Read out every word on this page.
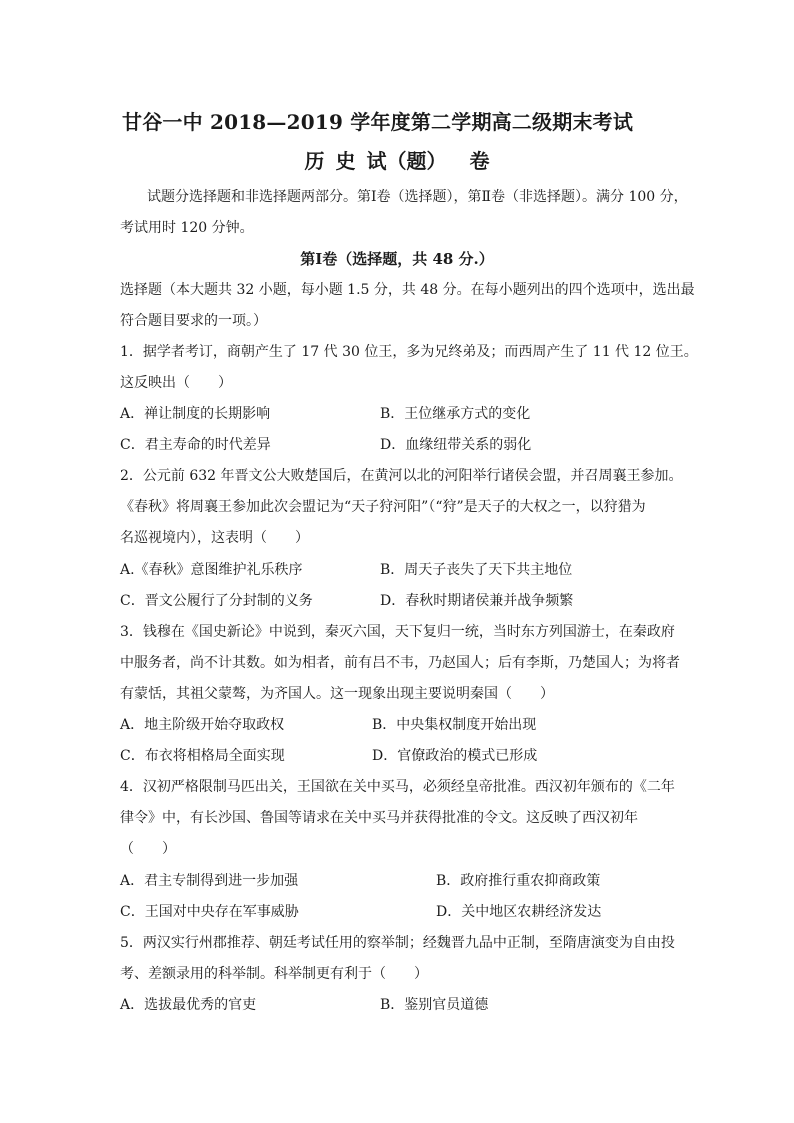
甘谷一中 2018—2019 学年度第二学期高二级期末考试
历 史 试（题） 卷
试题分选择题和非选择题两部分。第Ⅰ卷（选择题），第Ⅱ卷（非选择题）。满分 100 分，
考试用时 120 分钟。
第Ⅰ卷（选择题，共 48 分.）
选择题（本大题共 32 小题，每小题 1.5 分，共 48 分。在每小题列出的四个选项中，选出最
符合题目要求的一项。）
1．据学者考订，商朝产生了 17 代 30 位王，多为兄终弟及；而西周产生了 11 代 12 位王。
这反映出（　　）
A．禅让制度的长期影响	B．王位继承方式的变化
C．君主寿命的时代差异	D．血缘纽带关系的弱化
2．公元前 632 年晋文公大败楚国后，在黄河以北的河阳举行诸侯会盟，并召周襄王参加。
《春秋》将周襄王参加此次会盟记为“天子狩河阳”（“狩”是天子的大权之一，以狩猎为
名巡视境内），这表明（　　）
A.《春秋》意图维护礼乐秩序	B．周天子丧失了天下共主地位
C．晋文公履行了分封制的义务	D．春秋时期诸侯兼并战争频繁
3．钱穆在《国史新论》中说到，秦灭六国，天下复归一统，当时东方列国游士，在秦政府
中服务者，尚不计其数。如为相者，前有吕不韦，乃赵国人；后有李斯，乃楚国人；为将者
有蒙恬，其祖父蒙骜，为齐国人。这一现象出现主要说明秦国（　　）
A．地主阶级开始夺取政权	B．中央集权制度开始出现
C．布衣将相格局全面实现	D．官僚政治的模式已形成
4．汉初严格限制马匹出关，王国欲在关中买马，必须经皇帝批准。西汉初年颁布的《二年
律令》中，有长沙国、鲁国等请求在关中买马并获得批准的令文。这反映了西汉初年
（　　）
A．君主专制得到进一步加强	B．政府推行重农抑商政策
C．王国对中央存在军事威胁	D．关中地区农耕经济发达
5．两汉实行州郡推荐、朝廷考试任用的察举制；经魏晋九品中正制，至隋唐演变为自由投
考、差额录用的科举制。科举制更有利于（　　）
A．选拔最优秀的官吏	B．鉴别官员道德
